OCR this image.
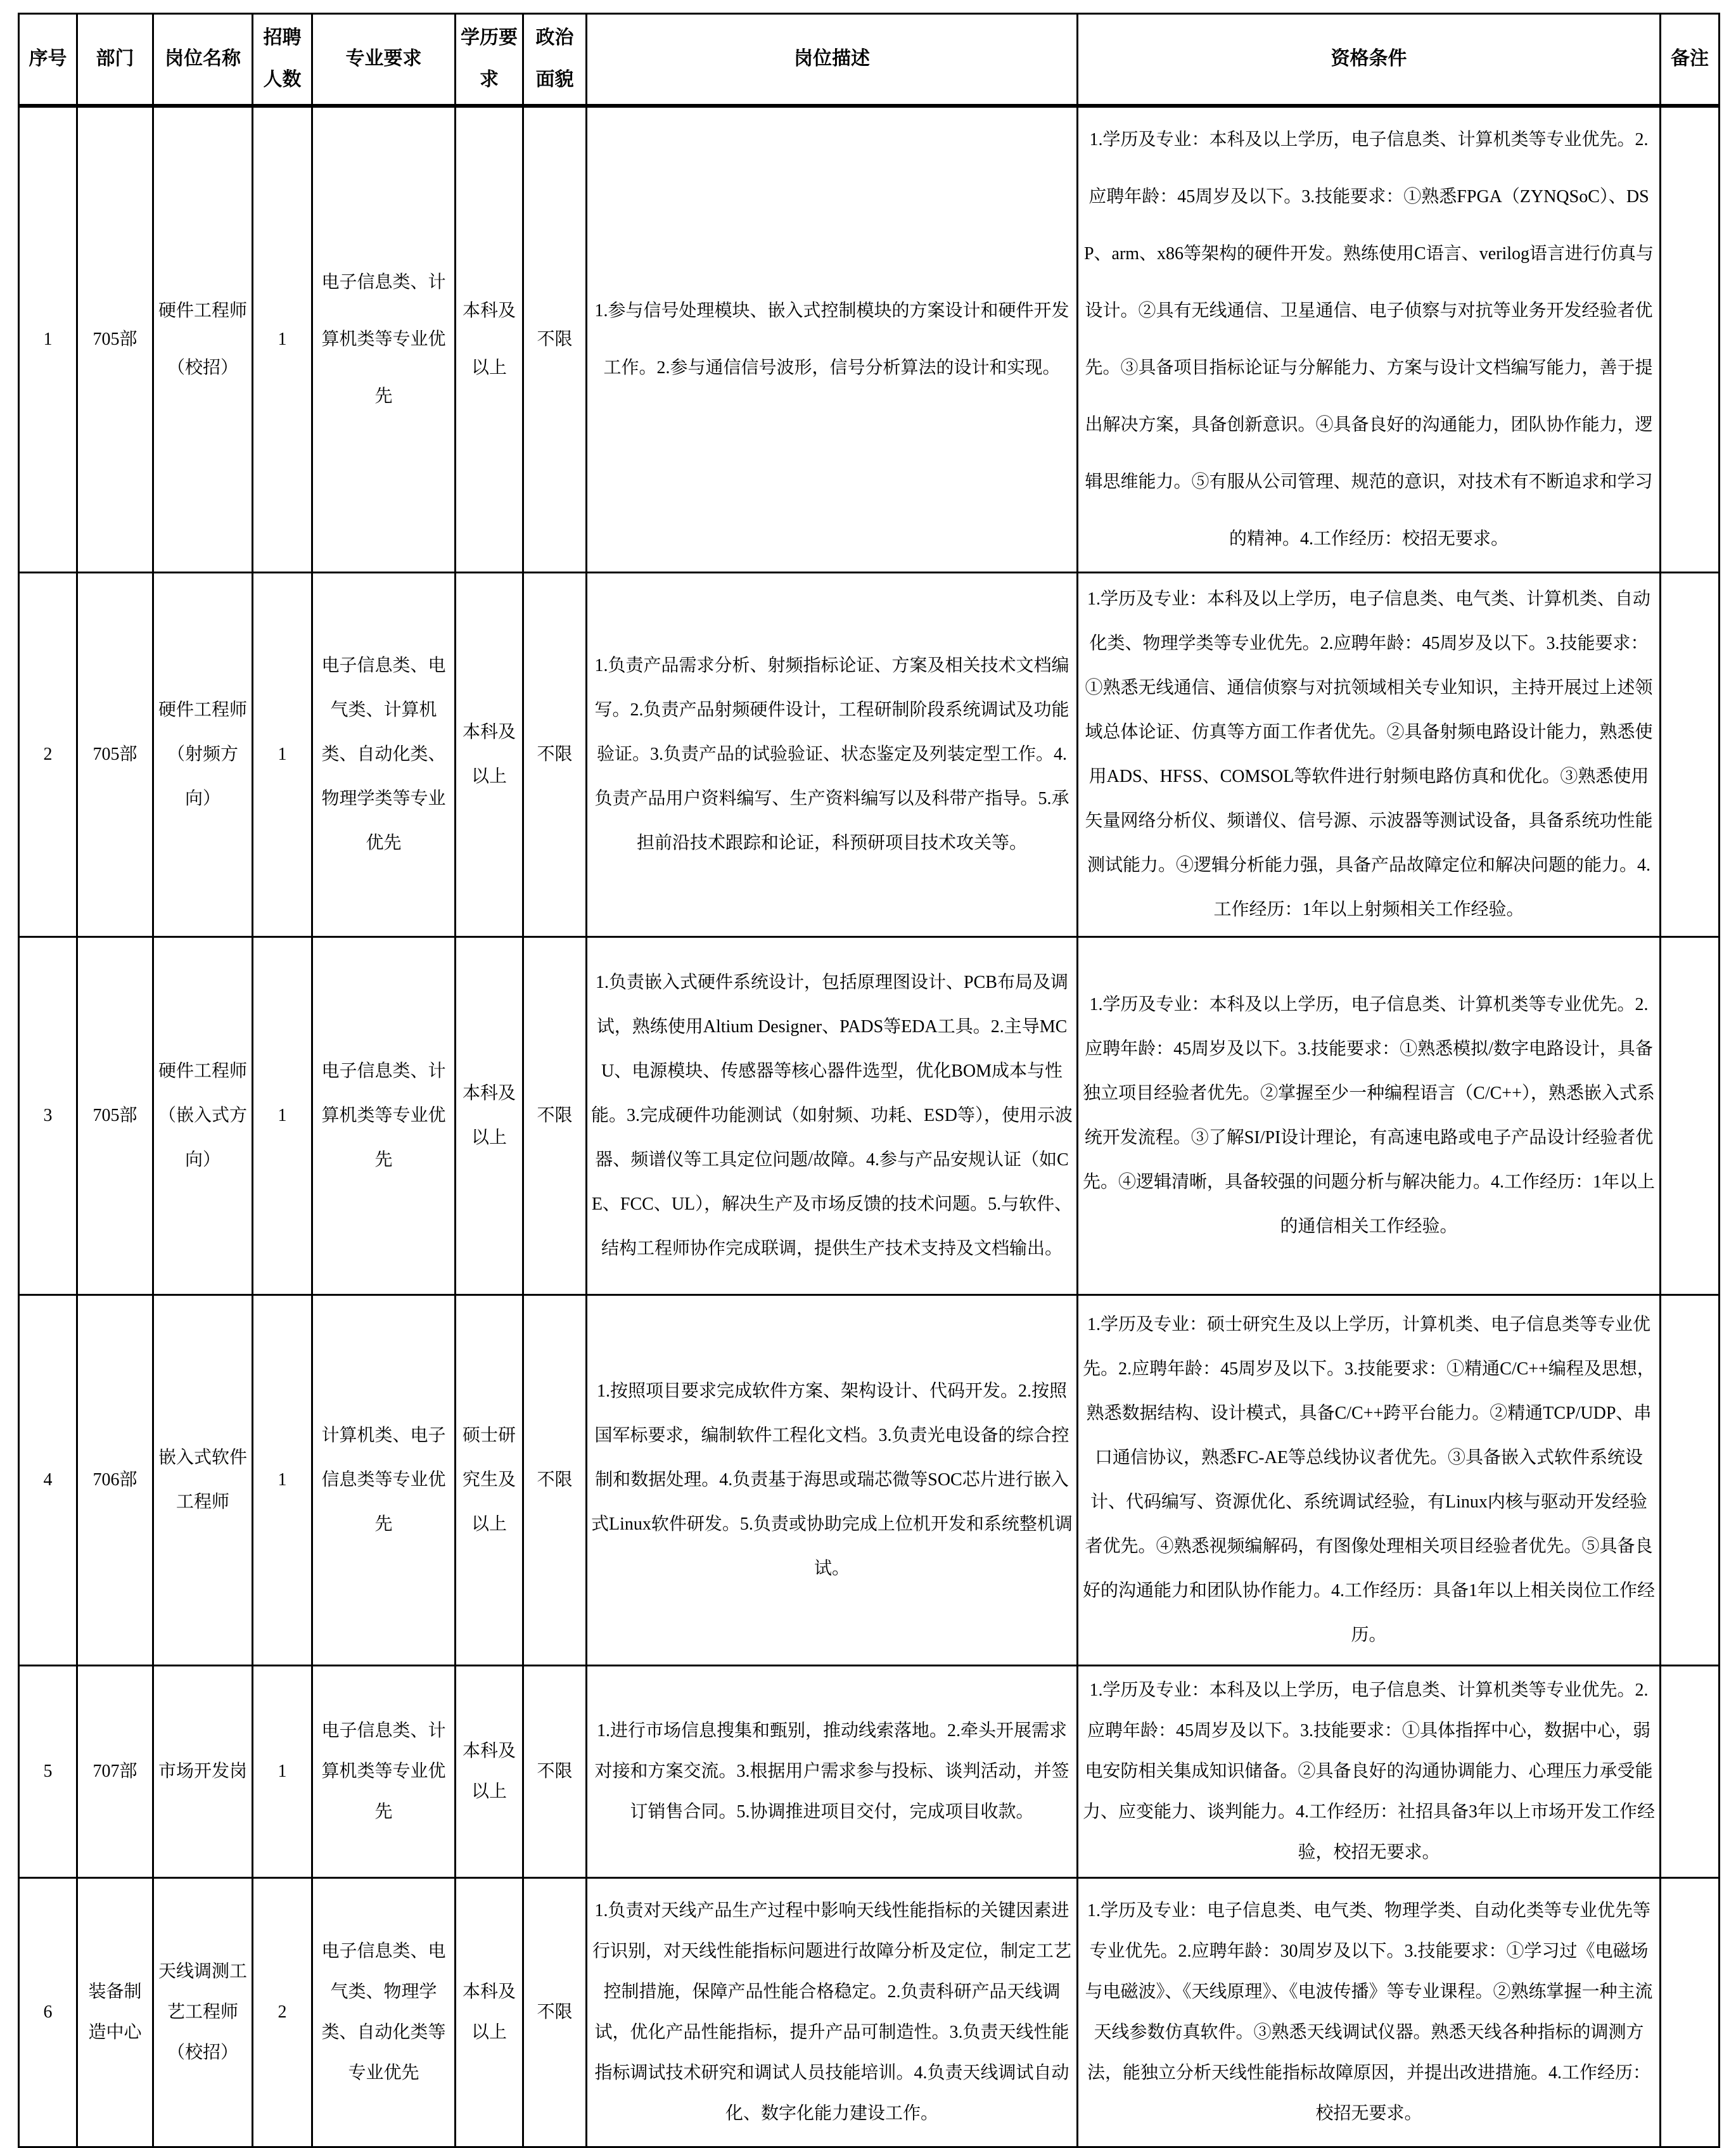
序号	部门	岗位名称	招聘人数	专业要求	学历要求	政治面貌	岗位描述	资格条件	备注
1	705部	硬件工程师（校招）	1	电子信息类、计算机类等专业优先	本科及以上	不限	1.参与信号处理模块、嵌入式控制模块的方案设计和硬件开发工作。2.参与通信信号波形，信号分析算法的设计和实现。	1.学历及专业：本科及以上学历，电子信息类、计算机类等专业优先。2.应聘年龄：45周岁及以下。3.技能要求：①熟悉FPGA（ZYNQSoC）、DSP、arm、x86等架构的硬件开发。熟练使用C语言、verilog语言进行仿真与设计。②具有无线通信、卫星通信、电子侦察与对抗等业务开发经验者优先。③具备项目指标论证与分解能力、方案与设计文档编写能力，善于提出解决方案，具备创新意识。④具备良好的沟通能力，团队协作能力，逻辑思维能力。⑤有服从公司管理、规范的意识，对技术有不断追求和学习的精神。4.工作经历：校招无要求。	
2	705部	硬件工程师（射频方向）	1	电子信息类、电气类、计算机类、自动化类、物理学类等专业优先	本科及以上	不限	1.负责产品需求分析、射频指标论证、方案及相关技术文档编写。2.负责产品射频硬件设计，工程研制阶段系统调试及功能验证。3.负责产品的试验验证、状态鉴定及列装定型工作。4.负责产品用户资料编写、生产资料编写以及科带产指导。5.承担前沿技术跟踪和论证，科预研项目技术攻关等。	1.学历及专业：本科及以上学历，电子信息类、电气类、计算机类、自动化类、物理学类等专业优先。2.应聘年龄：45周岁及以下。3.技能要求：①熟悉无线通信、通信侦察与对抗领域相关专业知识，主持开展过上述领域总体论证、仿真等方面工作者优先。②具备射频电路设计能力，熟悉使用ADS、HFSS、COMSOL等软件进行射频电路仿真和优化。③熟悉使用矢量网络分析仪、频谱仪、信号源、示波器等测试设备，具备系统功性能测试能力。④逻辑分析能力强，具备产品故障定位和解决问题的能力。4.工作经历：1年以上射频相关工作经验。	
3	705部	硬件工程师（嵌入式方向）	1	电子信息类、计算机类等专业优先	本科及以上	不限	1.负责嵌入式硬件系统设计，包括原理图设计、PCB布局及调试，熟练使用Altium Designer、PADS等EDA工具。2.主导MCU、电源模块、传感器等核心器件选型，优化BOM成本与性能。3.完成硬件功能测试（如射频、功耗、ESD等），使用示波器、频谱仪等工具定位问题/故障。4.参与产品安规认证（如CE、FCC、UL），解决生产及市场反馈的技术问题。5.与软件、结构工程师协作完成联调，提供生产技术支持及文档输出。	1.学历及专业：本科及以上学历，电子信息类、计算机类等专业优先。2.应聘年龄：45周岁及以下。3.技能要求：①熟悉模拟/数字电路设计，具备独立项目经验者优先。②掌握至少一种编程语言（C/C++），熟悉嵌入式系统开发流程。③了解SI/PI设计理论，有高速电路或电子产品设计经验者优先。④逻辑清晰，具备较强的问题分析与解决能力。4.工作经历：1年以上的通信相关工作经验。	
4	706部	嵌入式软件工程师	1	计算机类、电子信息类等专业优先	硕士研究生及以上	不限	1.按照项目要求完成软件方案、架构设计、代码开发。2.按照国军标要求，编制软件工程化文档。3.负责光电设备的综合控制和数据处理。4.负责基于海思或瑞芯微等SOC芯片进行嵌入式Linux软件研发。5.负责或协助完成上位机开发和系统整机调试。	1.学历及专业：硕士研究生及以上学历，计算机类、电子信息类等专业优先。2.应聘年龄：45周岁及以下。3.技能要求：①精通C/C++编程及思想，熟悉数据结构、设计模式，具备C/C++跨平台能力。②精通TCP/UDP、串口通信协议，熟悉FC-AE等总线协议者优先。③具备嵌入式软件系统设计、代码编写、资源优化、系统调试经验，有Linux内核与驱动开发经验者优先。④熟悉视频编解码，有图像处理相关项目经验者优先。⑤具备良好的沟通能力和团队协作能力。4.工作经历：具备1年以上相关岗位工作经历。	
5	707部	市场开发岗	1	电子信息类、计算机类等专业优先	本科及以上	不限	1.进行市场信息搜集和甄别，推动线索落地。2.牵头开展需求对接和方案交流。3.根据用户需求参与投标、谈判活动，并签订销售合同。5.协调推进项目交付，完成项目收款。	1.学历及专业：本科及以上学历，电子信息类、计算机类等专业优先。2.应聘年龄：45周岁及以下。3.技能要求：①具体指挥中心，数据中心，弱电安防相关集成知识储备。②具备良好的沟通协调能力、心理压力承受能力、应变能力、谈判能力。4.工作经历：社招具备3年以上市场开发工作经验，校招无要求。	
6	装备制造中心	天线调测工艺工程师（校招）	2	电子信息类、电气类、物理学类、自动化类等专业优先	本科及以上	不限	1.负责对天线产品生产过程中影响天线性能指标的关键因素进行识别，对天线性能指标问题进行故障分析及定位，制定工艺控制措施，保障产品性能合格稳定。2.负责科研产品天线调试，优化产品性能指标，提升产品可制造性。3.负责天线性能指标调试技术研究和调试人员技能培训。4.负责天线调试自动化、数字化能力建设工作。	1.学历及专业：电子信息类、电气类、物理学类、自动化类等专业优先等专业优先。2.应聘年龄：30周岁及以下。3.技能要求：①学习过《电磁场与电磁波》、《天线原理》、《电波传播》等专业课程。②熟练掌握一种主流天线参数仿真软件。③熟悉天线调试仪器。熟悉天线各种指标的调测方法，能独立分析天线性能指标故障原因，并提出改进措施。4.工作经历：校招无要求。	
